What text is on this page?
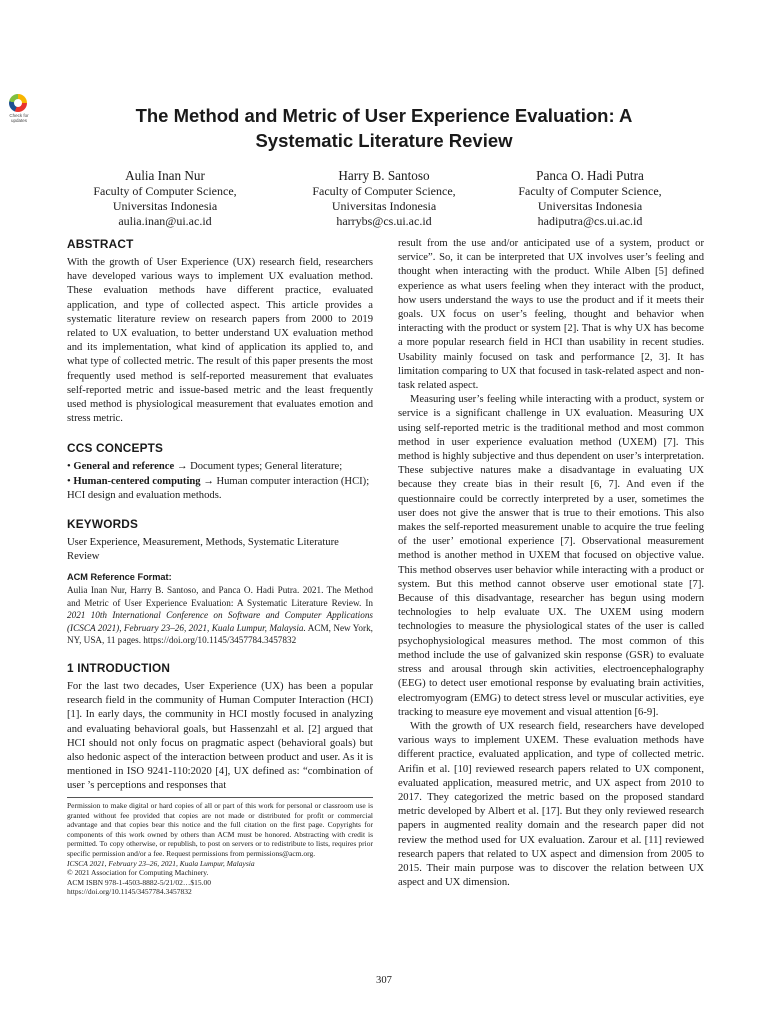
Check for
updates	The Method and Metric of User Experience Evaluation: A Systematic Literature Review
Aulia Inan Nur
Faculty of Computer Science,
Universitas Indonesia
aulia.inan@ui.ac.id
Harry B. Santoso
Faculty of Computer Science,
Universitas Indonesia
harrybs@cs.ui.ac.id
Panca O. Hadi Putra
Faculty of Computer Science,
Universitas Indonesia
hadiputra@cs.ui.ac.id
ABSTRACT

With the growth of User Experience (UX) research field, researchers have developed various ways to implement UX evaluation method. These evaluation methods have different practice, evaluated application, and type of collected aspect. This article provides a systematic literature review on research papers from 2000 to 2019 related to UX evaluation, to better understand UX evaluation method and its implementation, what kind of application its applied to, and what type of collected metric. The result of this paper presents the most frequently used method is self-reported measurement that evaluates self-reported metric and issue-based metric and the least frequently used method is physiological measurement that evaluates emotion and stress metric.

CCS CONCEPTS

• General and reference → Document types; General literature;

• Human-centered computing → Human computer interaction (HCI); HCI design and evaluation methods.

KEYWORDS

User Experience, Measurement, Methods, Systematic Literature Review

ACM Reference Format:

Aulia Inan Nur, Harry B. Santoso, and Panca O. Hadi Putra. 2021. The Method and Metric of User Experience Evaluation: A Systematic Literature Review. In 2021 10th International Conference on Software and Computer Applications (ICSCA 2021), February 23–26, 2021, Kuala Lumpur, Malaysia. ACM, New York, NY, USA, 11 pages. https://doi.org/10.1145/3457784.3457832

1 INTRODUCTION

For the last two decades, User Experience (UX) has been a popular research field in the community of Human Computer Interaction (HCI) [1]. In early days, the community in HCI mostly focused in analyzing and evaluating behavioral goals, but Hassenzahl et al. [2] argued that HCI should not only focus on pragmatic aspect (behavioral goals) but also hedonic aspect of the interaction between product and user. As it is mentioned in ISO 9241-110:2020 [4], UX defined as: “combination of user ’s perceptions and responses that

Permission to make digital or hard copies of all or part of this work for personal or classroom use is granted without fee provided that copies are not made or distributed for profit or commercial advantage and that copies bear this notice and the full citation on the first page. Copyrights for components of this work owned by others than ACM must be honored. Abstracting with credit is permitted. To copy otherwise, or republish, to post on servers or to redistribute to lists, requires prior specific permission and/or a fee. Request permissions from permissions@acm.org.

ICSCA 2021, February 23–26, 2021, Kuala Lumpur, Malaysia

© 2021 Association for Computing Machinery.

ACM ISBN 978-1-4503-8882-5/21/02…$15.00

https://doi.org/10.1145/3457784.3457832

result from the use and/or anticipated use of a system, product or service”. So, it can be interpreted that UX involves user’s feeling and thought when interacting with the product. While Alben [5] defined experience as what users feeling when they interact with the product, how users understand the ways to use the product and if it meets their goals. UX focus on user’s feeling, thought and behavior when interacting with the product or system [2]. That is why UX has become a more popular research field in HCI than usability in recent studies. Usability mainly focused on task and performance [2, 3]. It has limitation comparing to UX that focused in task-related aspect and non-task related aspect.

Measuring user’s feeling while interacting with a product, system or service is a significant challenge in UX evaluation. Measuring UX using self-reported metric is the traditional method and most common method in user experience evaluation method (UXEM) [7]. This method is highly subjective and thus dependent on user’s interpretation. These subjective natures make a disadvantage in evaluating UX because they create bias in their result [6, 7]. And even if the questionnaire could be correctly interpreted by a user, sometimes the user does not give the answer that is true to their emotions. This also makes the self-reported measurement unable to acquire the true feeling of the user’ emotional experience [7]. Observational measurement method is another method in UXEM that focused on objective value. This method observes user behavior while interacting with a product or system. But this method cannot observe user emotional state [7]. Because of this disadvantage, researcher has begun using modern technologies to help evaluate UX. The UXEM using modern technologies to measure the physiological states of the user is called psychophysiological measures method. The most common of this method include the use of galvanized skin response (GSR) to evaluate stress and arousal through skin activities, electroencephalography (EEG) to detect user emotional response by evaluating brain activities, electromyogram (EMG) to detect stress level or muscular activities, eye tracking to measure eye movement and visual attention [6-9].

With the growth of UX research field, researchers have developed various ways to implement UXEM. These evaluation methods have different practice, evaluated application, and type of collected metric. Arifin et al. [10] reviewed research papers related to UX component, evaluated application, measured metric, and UX aspect from 2010 to 2017. They categorized the metric based on the proposed standard metric developed by Albert et al. [17]. But they only reviewed research papers in augmented reality domain and the research paper did not review the method used for UX evaluation. Zarour et al. [11] reviewed research papers that related to UX aspect and dimension from 2005 to 2015. Their main purpose was to discover the relation between UX aspect and UX dimension.

307
